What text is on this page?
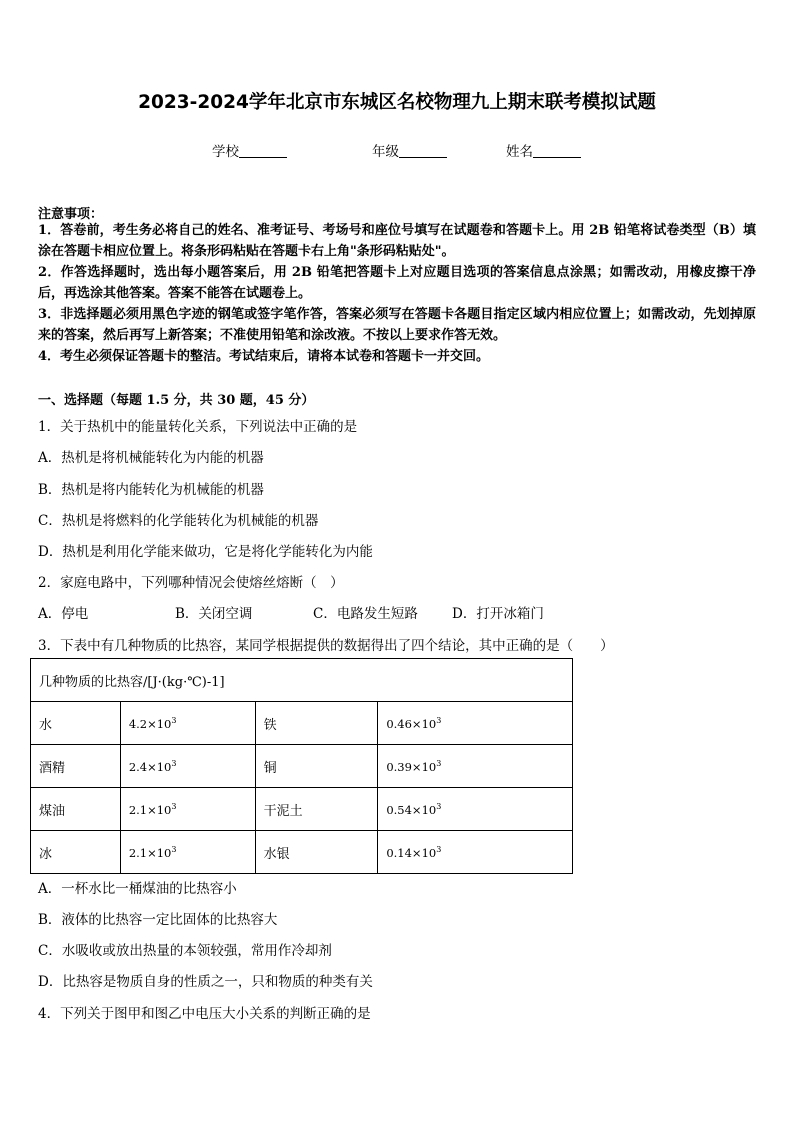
2023-2024学年北京市东城区名校物理九上期末联考模拟试题
学校	年级	姓名
注意事项：
1．答卷前，考生务必将自己的姓名、准考证号、考场号和座位号填写在试题卷和答题卡上。用 2B 铅笔将试卷类型（B）填涂在答题卡相应位置上。将条形码粘贴在答题卡右上角"条形码粘贴处"。
2．作答选择题时，选出每小题答案后，用 2B 铅笔把答题卡上对应题目选项的答案信息点涂黑；如需改动，用橡皮擦干净后，再选涂其他答案。答案不能答在试题卷上。
3．非选择题必须用黑色字迹的钢笔或签字笔作答，答案必须写在答题卡各题目指定区域内相应位置上；如需改动，先划掉原来的答案，然后再写上新答案；不准使用铅笔和涂改液。不按以上要求作答无效。
4．考生必须保证答题卡的整洁。考试结束后，请将本试卷和答题卡一并交回。
一、选择题（每题 1.5 分，共 30 题，45 分）
1．关于热机中的能量转化关系，下列说法中正确的是
A．热机是将机械能转化为内能的机器
B．热机是将内能转化为机械能的机器
C．热机是将燃料的化学能转化为机械能的机器
D．热机是利用化学能来做功，它是将化学能转化为内能
2．家庭电路中，下列哪种情况会使熔丝熔断（　）
A．停电	B．关闭空调	C．电路发生短路	D．打开冰箱门
3．下表中有几种物质的比热容，某同学根据提供的数据得出了四个结论，其中正确的是（　　）
几种物质的比热容/[J·(kg·℃)-1]			
水	$4.2\times 10^3$	铁	$0.46\times 10^3$
酒精	$2.4\times 10^3$	铜	$0.39\times 10^3$
煤油	$2.1\times 10^3$	干泥土	$0.54\times 10^3$
冰	$2.1\times 10^3$	水银	$0.14\times 10^3$
A．一杯水比一桶煤油的比热容小
B．液体的比热容一定比固体的比热容大
C．水吸收或放出热量的本领较强，常用作冷却剂
D．比热容是物质自身的性质之一，只和物质的种类有关
4．下列关于图甲和图乙中电压大小关系的判断正确的是
